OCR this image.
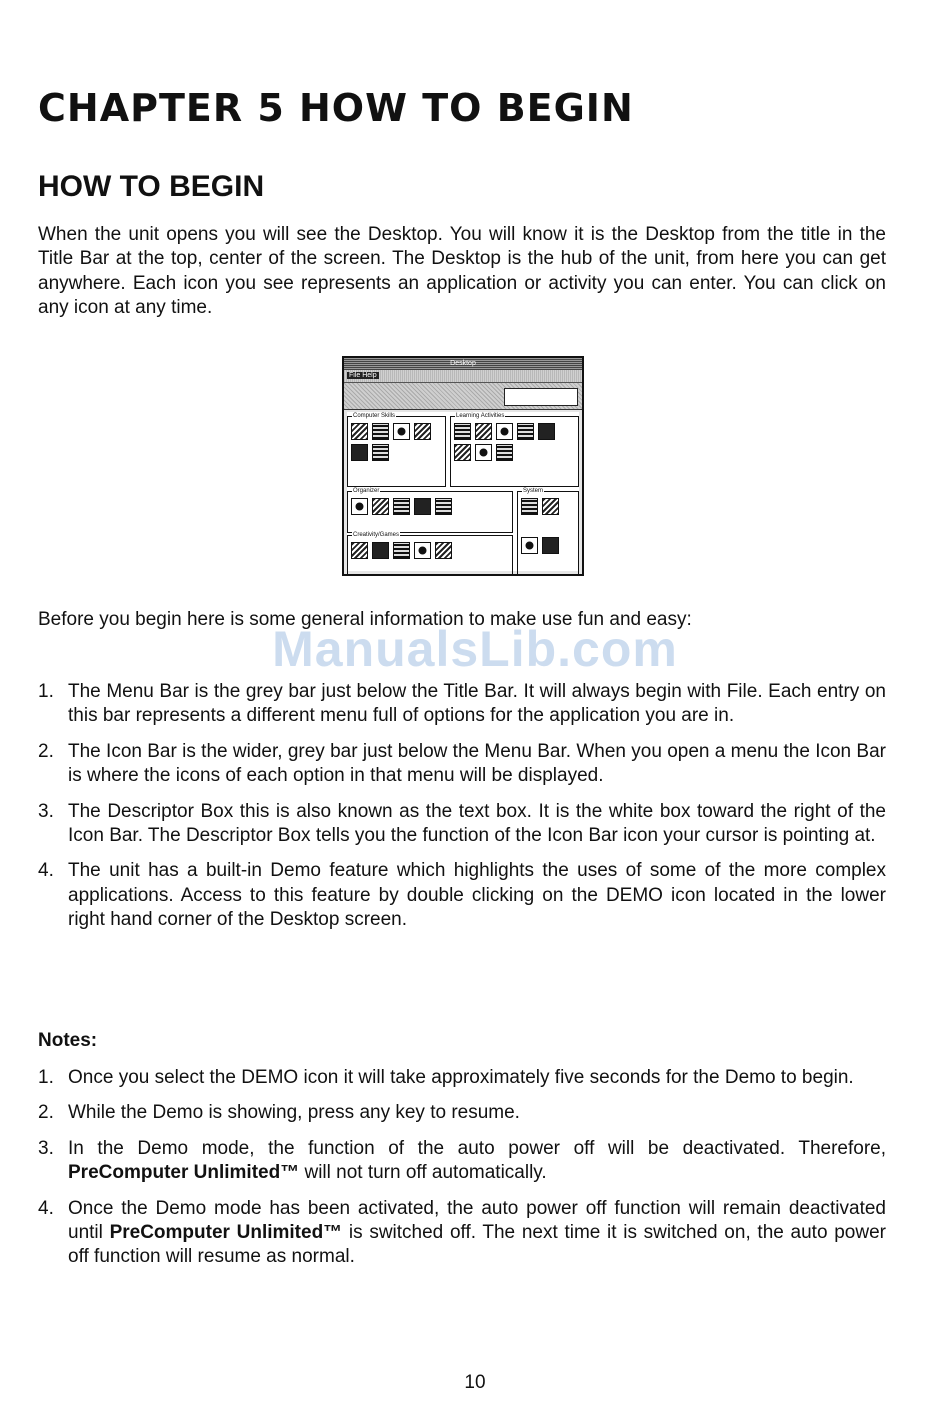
CHAPTER 5 HOW TO BEGIN
HOW TO BEGIN

When the unit opens you will see the Desktop. You will know it is the Desktop from the title in the Title Bar at the top, center of the screen. The Desktop is the hub of the unit, from here you can get anywhere. Each icon you see represents an application or activity you can enter. You can click on any icon at any time.

Desktop
File Help
Computer Skills	Learning Activities
Organizer	System
Creativity/Games

Before you begin here is some general information to make use fun and easy:

ManualsLib.com
1. The Menu Bar is the grey bar just below the Title Bar. It will always begin with File. Each entry on this bar represents a different menu full of options for the application you are in.
2. The Icon Bar is the wider, grey bar just below the Menu Bar. When you open a menu the Icon Bar is where the icons of each option in that menu will be displayed.
3. The Descriptor Box this is also known as the text box. It is the white box toward the right of the Icon Bar. The Descriptor Box tells you the function of the Icon Bar icon your cursor is pointing at.
4. The unit has a built-in Demo feature which highlights the uses of some of the more complex applications. Access to this feature by double clicking on the DEMO icon located in the lower right hand corner of the Desktop screen.

Notes:

1. Once you select the DEMO icon it will take approximately five seconds for the Demo to begin.
2. While the Demo is showing, press any key to resume.
3. In the Demo mode, the function of the auto power off will be deactivated. Therefore, PreComputer Unlimited™ will not turn off automatically.
4. Once the Demo mode has been activated, the auto power off function will remain deactivated until PreComputer Unlimited™ is switched off. The next time it is switched on, the auto power off function will resume as normal.
10
